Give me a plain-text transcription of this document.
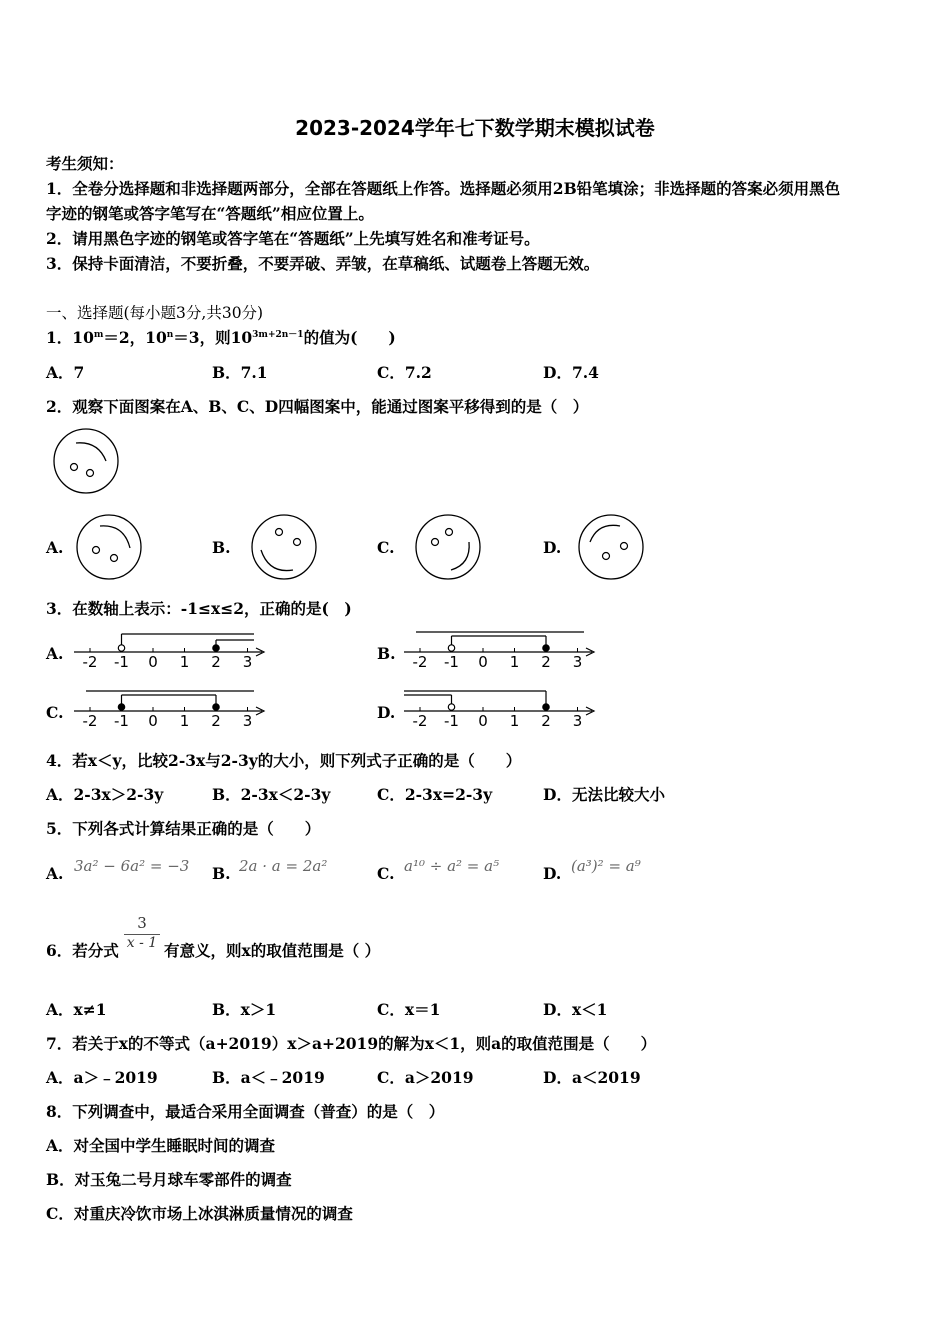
2023-2024学年七下数学期末模拟试卷
考生须知：
1．全卷分选择题和非选择题两部分，全部在答题纸上作答。选择题必须用2B铅笔填涂；非选择题的答案必须用黑色
字迹的钢笔或答字笔写在“答题纸”相应位置上。
2．请用黑色字迹的钢笔或答字笔在“答题纸”上先填写姓名和准考证号。
3．保持卡面清洁，不要折叠，不要弄破、弄皱，在草稿纸、试题卷上答题无效。
一、选择题(每小题3分,共30分)
1．$10^m=2$，$10^n=3$，则$10^{3m+2n-1}$的值为(　　)
A．7	B．7.1	C．7.2	D．7.4
2．观察下面图案在A、B、C、D四幅图案中，能通过图案平移得到的是（　）
A.	B.	C.	D.
3．在数轴上表示：-1≤x≤2，正确的是(　)
A. -2 -1 0 1 2 3	B. -2 -1 0 1 2 3
C. -2 -1 0 1 2 3	D. -2 -1 0 1 2 3
4．若x＜y，比较2-3x与2-3y的大小，则下列式子正确的是（　　）
A．2-3x＞2-3y	B．2-3x＜2-3y	C．2-3x=2-3y	D．无法比较大小
5．下列各式计算结果正确的是（　　）
A. 3a² − 6a² = −3 B. 2a · a = 2a²	C. a¹⁰ ÷ a² = a⁵	D. (a³)² = a⁹
6．若分式
3
x - 1 有意义，则x的取值范围是（ ）
A．x≠1	B．x＞1	C．x＝1	D．x＜1
7．若关于x的不等式（a+2019）x＞a+2019的解为x＜1，则a的取值范围是（　　）
A．a＞﹣2019	B．a＜﹣2019	C．a＞2019	D．a＜2019
8．下列调查中，最适合采用全面调查（普查）的是（　）
A．对全国中学生睡眠时间的调查
B．对玉兔二号月球车零部件的调查
C．对重庆冷饮市场上冰淇淋质量情况的调查
